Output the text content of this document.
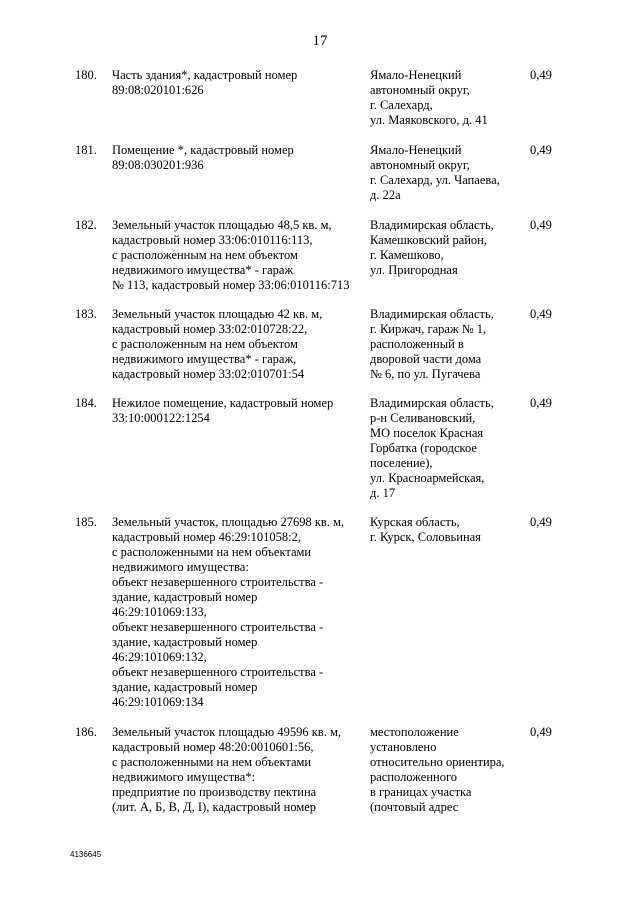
17
180. Часть здания*, кадастровый номер
89:08:020101:626
Ямало-Ненецкий
автономный округ,
г. Салехард,
ул. Маяковского, д. 41
0,49
181. Помещение *, кадастровый номер
89:08:030201:936
Ямало-Ненецкий
автономный округ,
г. Салехард, ул. Чапаева,
д. 22а
0,49
182. Земельный участок площадью 48,5 кв. м,
кадастровый номер 33:06:010116:113,
с расположенным на нем объектом
недвижимого имущества* - гараж
№ 113, кадастровый номер 33:06:010116:713
Владимирская область,
Камешковский район,
г. Камешково,
ул. Пригородная
0,49
183. Земельный участок площадью 42 кв. м,
кадастровый номер 33:02:010728:22,
с расположенным на нем объектом
недвижимого имущества* - гараж,
кадастровый номер 33:02:010701:54
Владимирская область,
г. Киржач, гараж № 1,
расположенный в
дворовой части дома
№ 6, по ул. Пугачева
0,49
184. Нежилое помещение, кадастровый номер
33:10:000122:1254
Владимирская область,
р-н Селивановский,
МО поселок Красная
Горбатка (городское
поселение),
ул. Красноармейская,
д. 17
0,49
185. Земельный участок, площадью 27698 кв. м,
кадастровый номер 46:29:101058:2,
с расположенными на нем объектами
недвижимого имущества:
объект незавершенного строительства -
здание, кадастровый номер
46:29:101069:133,
объект незавершенного строительства -
здание, кадастровый номер
46:29:101069:132,
объект незавершенного строительства -
здание, кадастровый номер
46:29:101069:134
Курская область,
г. Курск, Соловьиная
0,49
186. Земельный участок площадью 49596 кв. м,
кадастровый номер 48:20:0010601:56,
с расположенными на нем объектами
недвижимого имущества*:
предприятие по производству пектина
(лит. А, Б, В, Д, I), кадастровый номер
местоположение
установлено
относительно ориентира,
расположенного
в границах участка
(почтовый адрес
0,49
4136645
